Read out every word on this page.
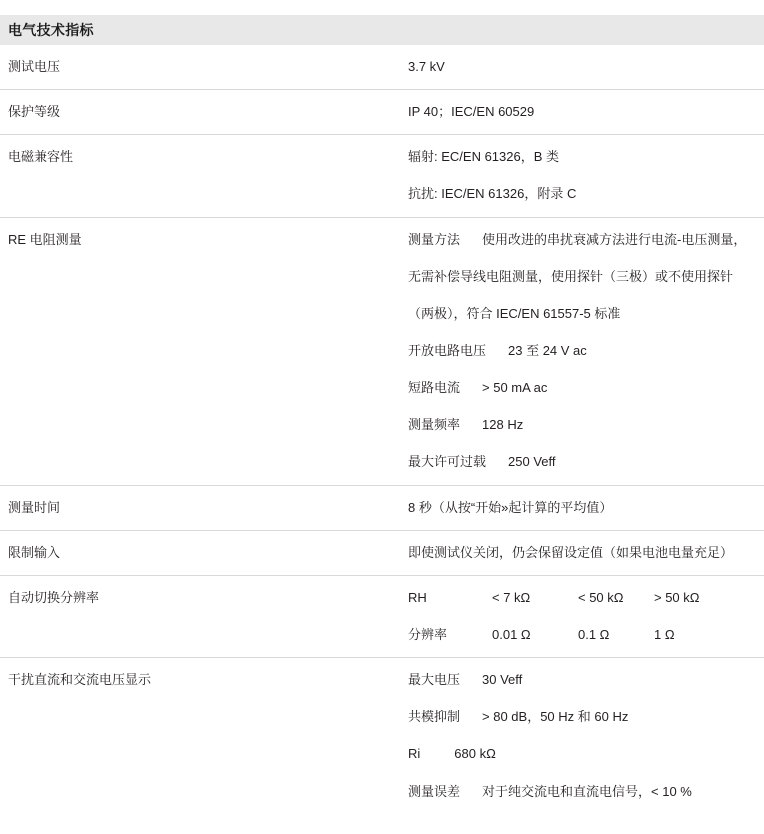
电气技术指标
测试电压	3.7 kV

保护等级	IP 40；IEC/EN 60529

电磁兼容性	辐射: EC/EN 61326，B 类
抗扰: IEC/EN 61326，附录 C

RE 电阻测量	测量方法 使用改进的串扰衰减方法进行电流-电压测量，
无需补偿导线电阻测量，使用探针（三极）或不使用探针
（两极），符合 IEC/EN 61557-5 标准
开放电路电压 23 至 24 V ac
短路电流 > 50 mA ac
测量频率 128 Hz
最大许可过载 250 Veff

测量时间	8 秒（从按“开始»起计算的平均值）

限制输入	即使测试仪关闭，仍会保留设定值（如果电池电量充足）

自动切换分辨率	RH < 7 kΩ < 50 kΩ > 50 kΩ
分辨率 0.01 Ω 0.1 Ω 1 Ω

干扰直流和交流电压显示	最大电压 30 Veff
共模抑制 > 80 dB，50 Hz 和 60 Hz
Ri 680 kΩ
测量误差 对于纯交流电和直流电信号，< 10 %
